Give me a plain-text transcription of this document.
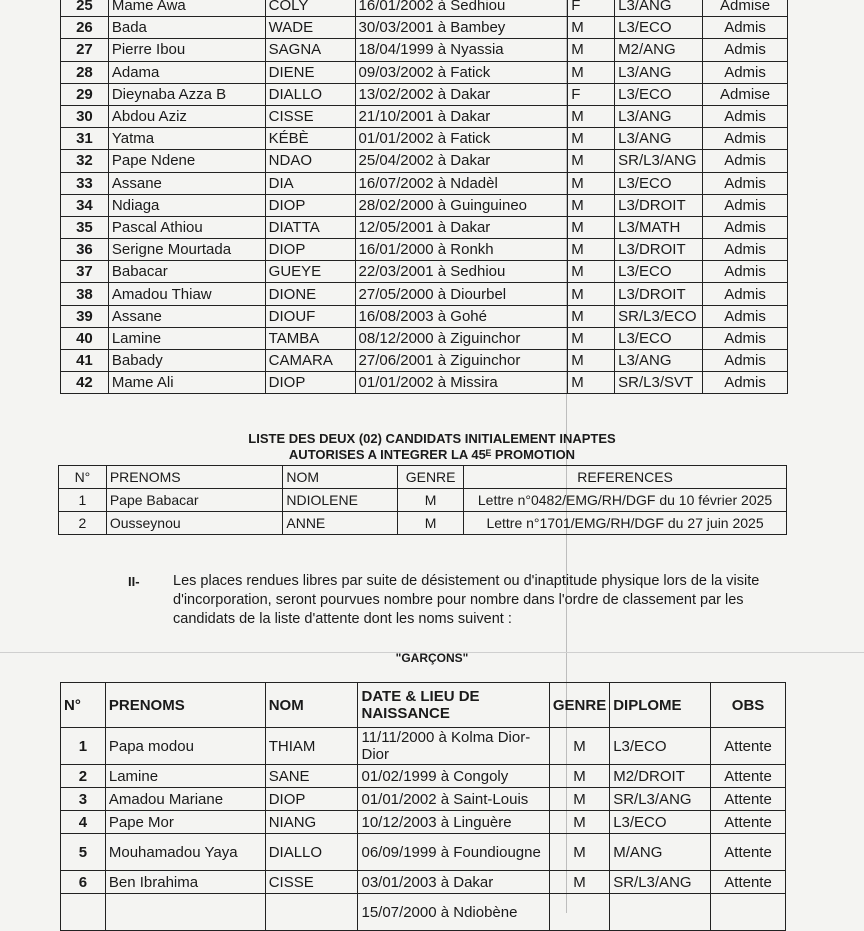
25	Mame Awa	COLY	16/01/2002 à Sedhiou	F	L3/ANG	Admise
26	Bada	WADE	30/03/2001 à Bambey	M	L3/ECO	Admis
27	Pierre Ibou	SAGNA	18/04/1999 à Nyassia	M	M2/ANG	Admis
28	Adama	DIENE	09/03/2002 à Fatick	M	L3/ANG	Admis
29	Dieynaba Azza B	DIALLO	13/02/2002 à Dakar	F	L3/ECO	Admise
30	Abdou Aziz	CISSE	21/10/2001 à Dakar	M	L3/ANG	Admis
31	Yatma	KÉBÈ	01/01/2002 à Fatick	M	L3/ANG	Admis
32	Pape Ndene	NDAO	25/04/2002 à Dakar	M	SR/L3/ANG	Admis
33	Assane	DIA	16/07/2002 à Ndadèl	M	L3/ECO	Admis
34	Ndiaga	DIOP	28/02/2000 à Guinguineo	M	L3/DROIT	Admis
35	Pascal Athiou	DIATTA	12/05/2001 à Dakar	M	L3/MATH	Admis
36	Serigne Mourtada	DIOP	16/01/2000 à Ronkh	M	L3/DROIT	Admis
37	Babacar	GUEYE	22/03/2001 à Sedhiou	M	L3/ECO	Admis
38	Amadou Thiaw	DIONE	27/05/2000 à Diourbel	M	L3/DROIT	Admis
39	Assane	DIOUF	16/08/2003 à Gohé	M	SR/L3/ECO	Admis
40	Lamine	TAMBA	08/12/2000 à Ziguinchor	M	L3/ECO	Admis
41	Babady	CAMARA	27/06/2001 à Ziguinchor	M	L3/ANG	Admis
42	Mame Ali	DIOP	01/01/2002 à Missira	M	SR/L3/SVT	Admis
LISTE DES DEUX (02) CANDIDATS INITIALEMENT INAPTES
AUTORISES A INTEGRER LA 45ᴱ PROMOTION
N°	PRENOMS	NOM	GENRE	REFERENCES
1	Pape Babacar	NDIOLENE	M	Lettre n°0482/EMG/RH/DGF du 10 février 2025
2	Ousseynou	ANNE	M	Lettre n°1701/EMG/RH/DGF du 27 juin 2025
II- Les places rendues libres par suite de désistement ou d'inaptitude physique lors de la visite d'incorporation, seront pourvues nombre pour nombre dans l'ordre de classement par les candidats de la liste d'attente dont les noms suivent :
"GARÇONS"
N°	PRENOMS	NOM	DATE & LIEU DE NAISSANCE	GENRE	DIPLOME	OBS
1	Papa modou	THIAM	11/11/2000 à Kolma Dior-Dior	M	L3/ECO	Attente
2	Lamine	SANE	01/02/1999 à Congoly	M	M2/DROIT	Attente
3	Amadou Mariane	DIOP	01/01/2002 à Saint-Louis	M	SR/L3/ANG	Attente
4	Pape Mor	NIANG	10/12/2003 à Linguère	M	L3/ECO	Attente
5	Mouhamadou Yaya	DIALLO	06/09/1999 à Foundiougne	M	M/ANG	Attente
6	Ben Ibrahima	CISSE	03/01/2003 à Dakar	M	SR/L3/ANG	Attente
			15/07/2000 à Ndiobène			
